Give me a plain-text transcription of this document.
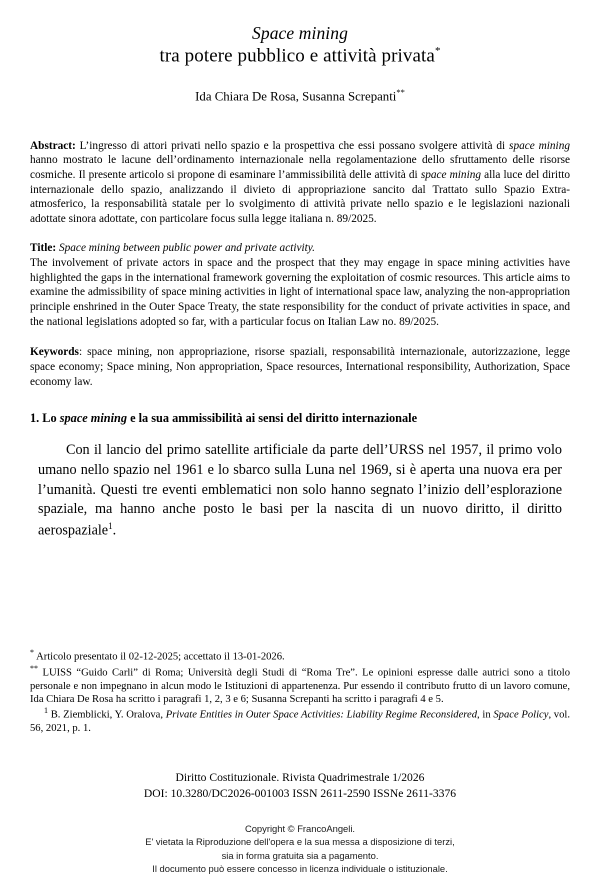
Space mining
tra potere pubblico e attività privata*
Ida Chiara De Rosa, Susanna Screpanti**

Abstract: L’ingresso di attori privati nello spazio e la prospettiva che essi possano svolgere attività di space mining hanno mostrato le lacune dell’ordinamento internazionale nella regolamentazione dello sfruttamento delle risorse cosmiche. Il presente articolo si propone di esaminare l’ammissibilità delle attività di space mining alla luce del diritto internazionale dello spazio, analizzando il divieto di appropriazione sancito dal Trattato sullo Spazio Extra-atmosferico, la responsabilità statale per lo svolgimento di attività private nello spazio e le legislazioni nazionali adottate sinora adottate, con particolare focus sulla legge italiana n. 89/2025.

Title: Space mining between public power and private activity.

The involvement of private actors in space and the prospect that they may engage in space mining activities have highlighted the gaps in the international framework governing the exploitation of cosmic resources. This article aims to examine the admissibility of space mining activities in light of international space law, analyzing the non-appropriation principle enshrined in the Outer Space Treaty, the state responsibility for the conduct of private activities in space, and the national legislations adopted so far, with a particular focus on Italian Law no. 89/2025.

Keywords: space mining, non appropriazione, risorse spaziali, responsabilità internazionale, autorizzazione, legge space economy; Space mining, Non appropriation, Space resources, International responsibility, Authorization, Space economy law.

1. Lo space mining e la sua ammissibilità ai sensi del diritto internazionale

Con il lancio del primo satellite artificiale da parte dell’URSS nel 1957, il primo volo umano nello spazio nel 1961 e lo sbarco sulla Luna nel 1969, si è aperta una nuova era per l’umanità. Questi tre eventi emblematici non solo hanno segnato l’inizio dell’esplorazione spaziale, ma hanno anche posto le basi per la nascita di un nuovo diritto, il diritto aerospaziale$^1$.

* Articolo presentato il 02-12-2025; accettato il 13-01-2026.

** LUISS “Guido Carli” di Roma; Università degli Studi di “Roma Tre”. Le opinioni espresse dalle autrici sono a titolo personale e non impegnano in alcun modo le Istituzioni di appartenenza. Pur essendo il contributo frutto di un lavoro comune, Ida Chiara De Rosa ha scritto i paragrafi 1, 2, 3 e 6; Susanna Screpanti ha scritto i paragrafi 4 e 5.

$^1$ B. Ziemblicki, Y. Oralova, Private Entities in Outer Space Activities: Liability Regime Reconsidered, in Space Policy, vol. 56, 2021, p. 1.

Diritto Costituzionale. Rivista Quadrimestrale 1/2026
DOI: 10.3280/DC2026-001003 ISSN 2611-2590 ISSNe 2611-3376
Copyright © FrancoAngeli.
E' vietata la Riproduzione dell'opera e la sua messa a disposizione di terzi,
sia in forma gratuita sia a pagamento.
Il documento può essere concesso in licenza individuale o istituzionale.
